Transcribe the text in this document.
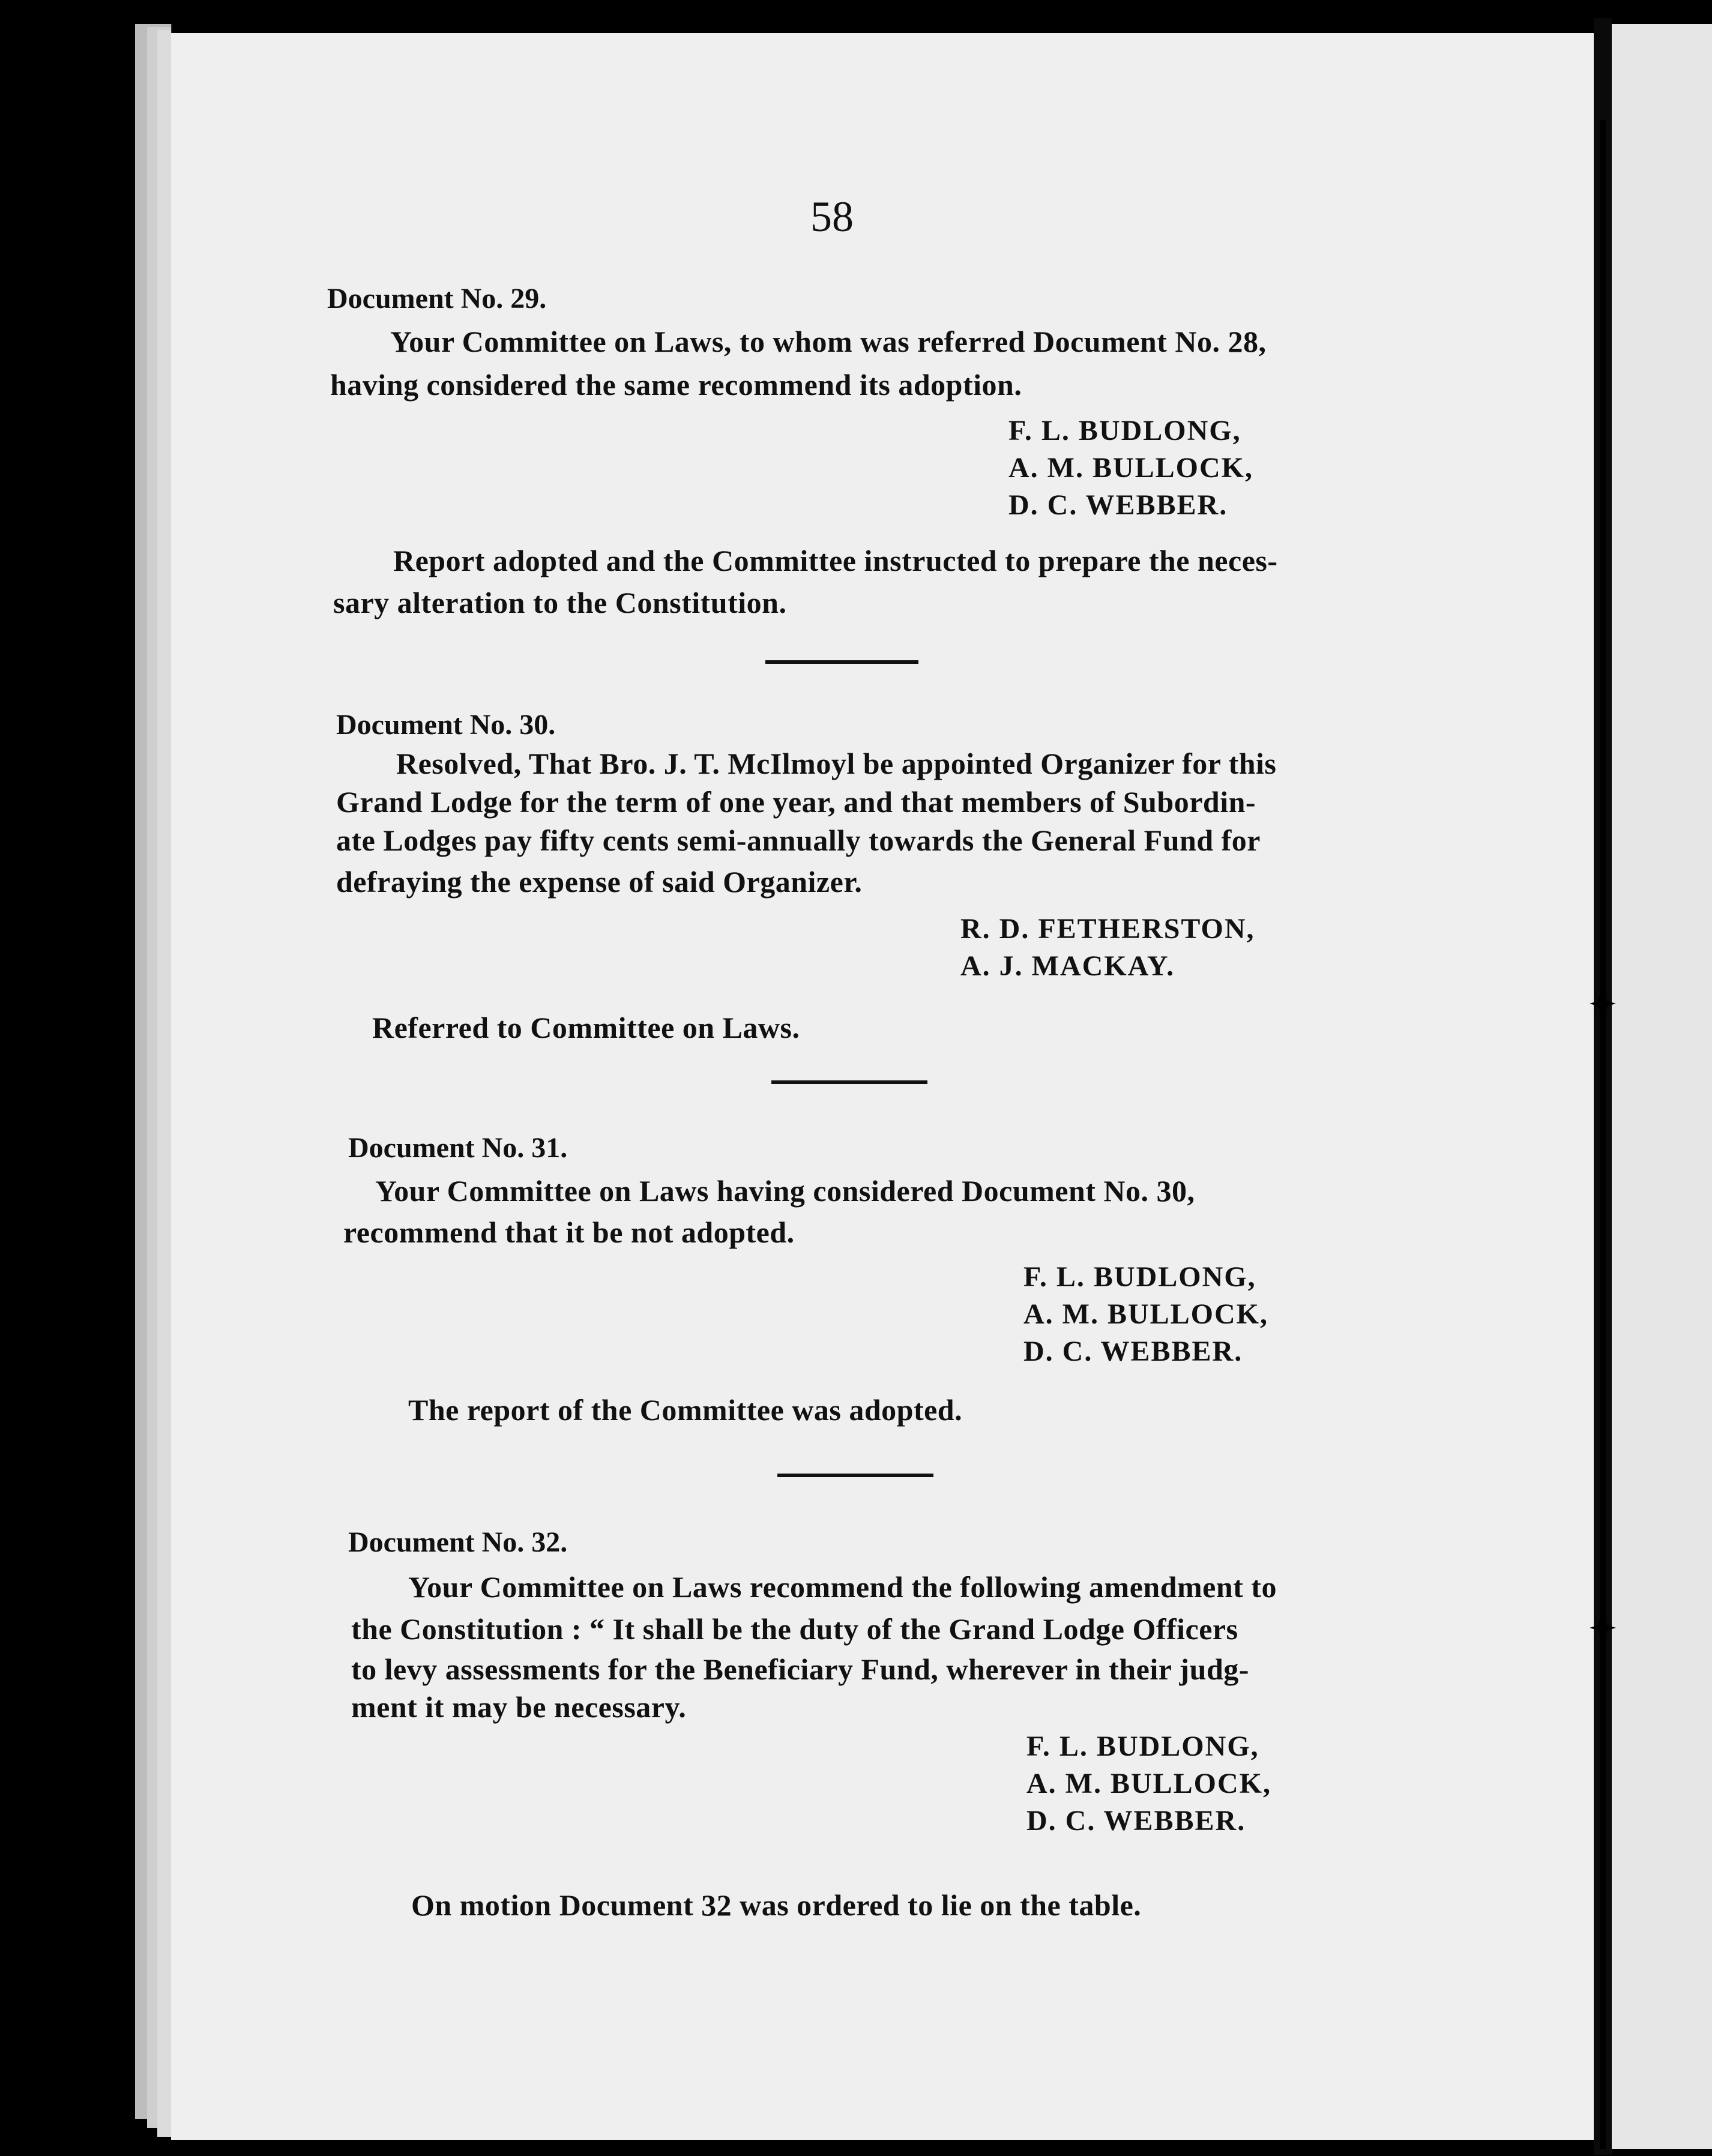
58
Document No. 29.
Your Committee on Laws, to whom was referred Document No. 28,
having considered the same recommend its adoption.
F. L. BUDLONG,
A. M. BULLOCK,
D. C. WEBBER.
Report adopted and the Committee instructed to prepare the neces-
sary alteration to the Constitution.
Document No. 30.
Resolved, That Bro. J. T. McIlmoyl be appointed Organizer for this
Grand Lodge for the term of one year, and that members of Subordin-
ate Lodges pay fifty cents semi-annually towards the General Fund for
defraying the expense of said Organizer.
R. D. FETHERSTON,
A. J. MACKAY.
Referred to Committee on Laws.
Document No. 31.
Your Committee on Laws having considered Document No. 30,
recommend that it be not adopted.
F. L. BUDLONG,
A. M. BULLOCK,
D. C. WEBBER.
The report of the Committee was adopted.
Document No. 32.
Your Committee on Laws recommend the following amendment to
the Constitution : “ It shall be the duty of the Grand Lodge Officers
to levy assessments for the Beneficiary Fund, wherever in their judg-
ment it may be necessary.
F. L. BUDLONG,
A. M. BULLOCK,
D. C. WEBBER.
On motion Document 32 was ordered to lie on the table.
